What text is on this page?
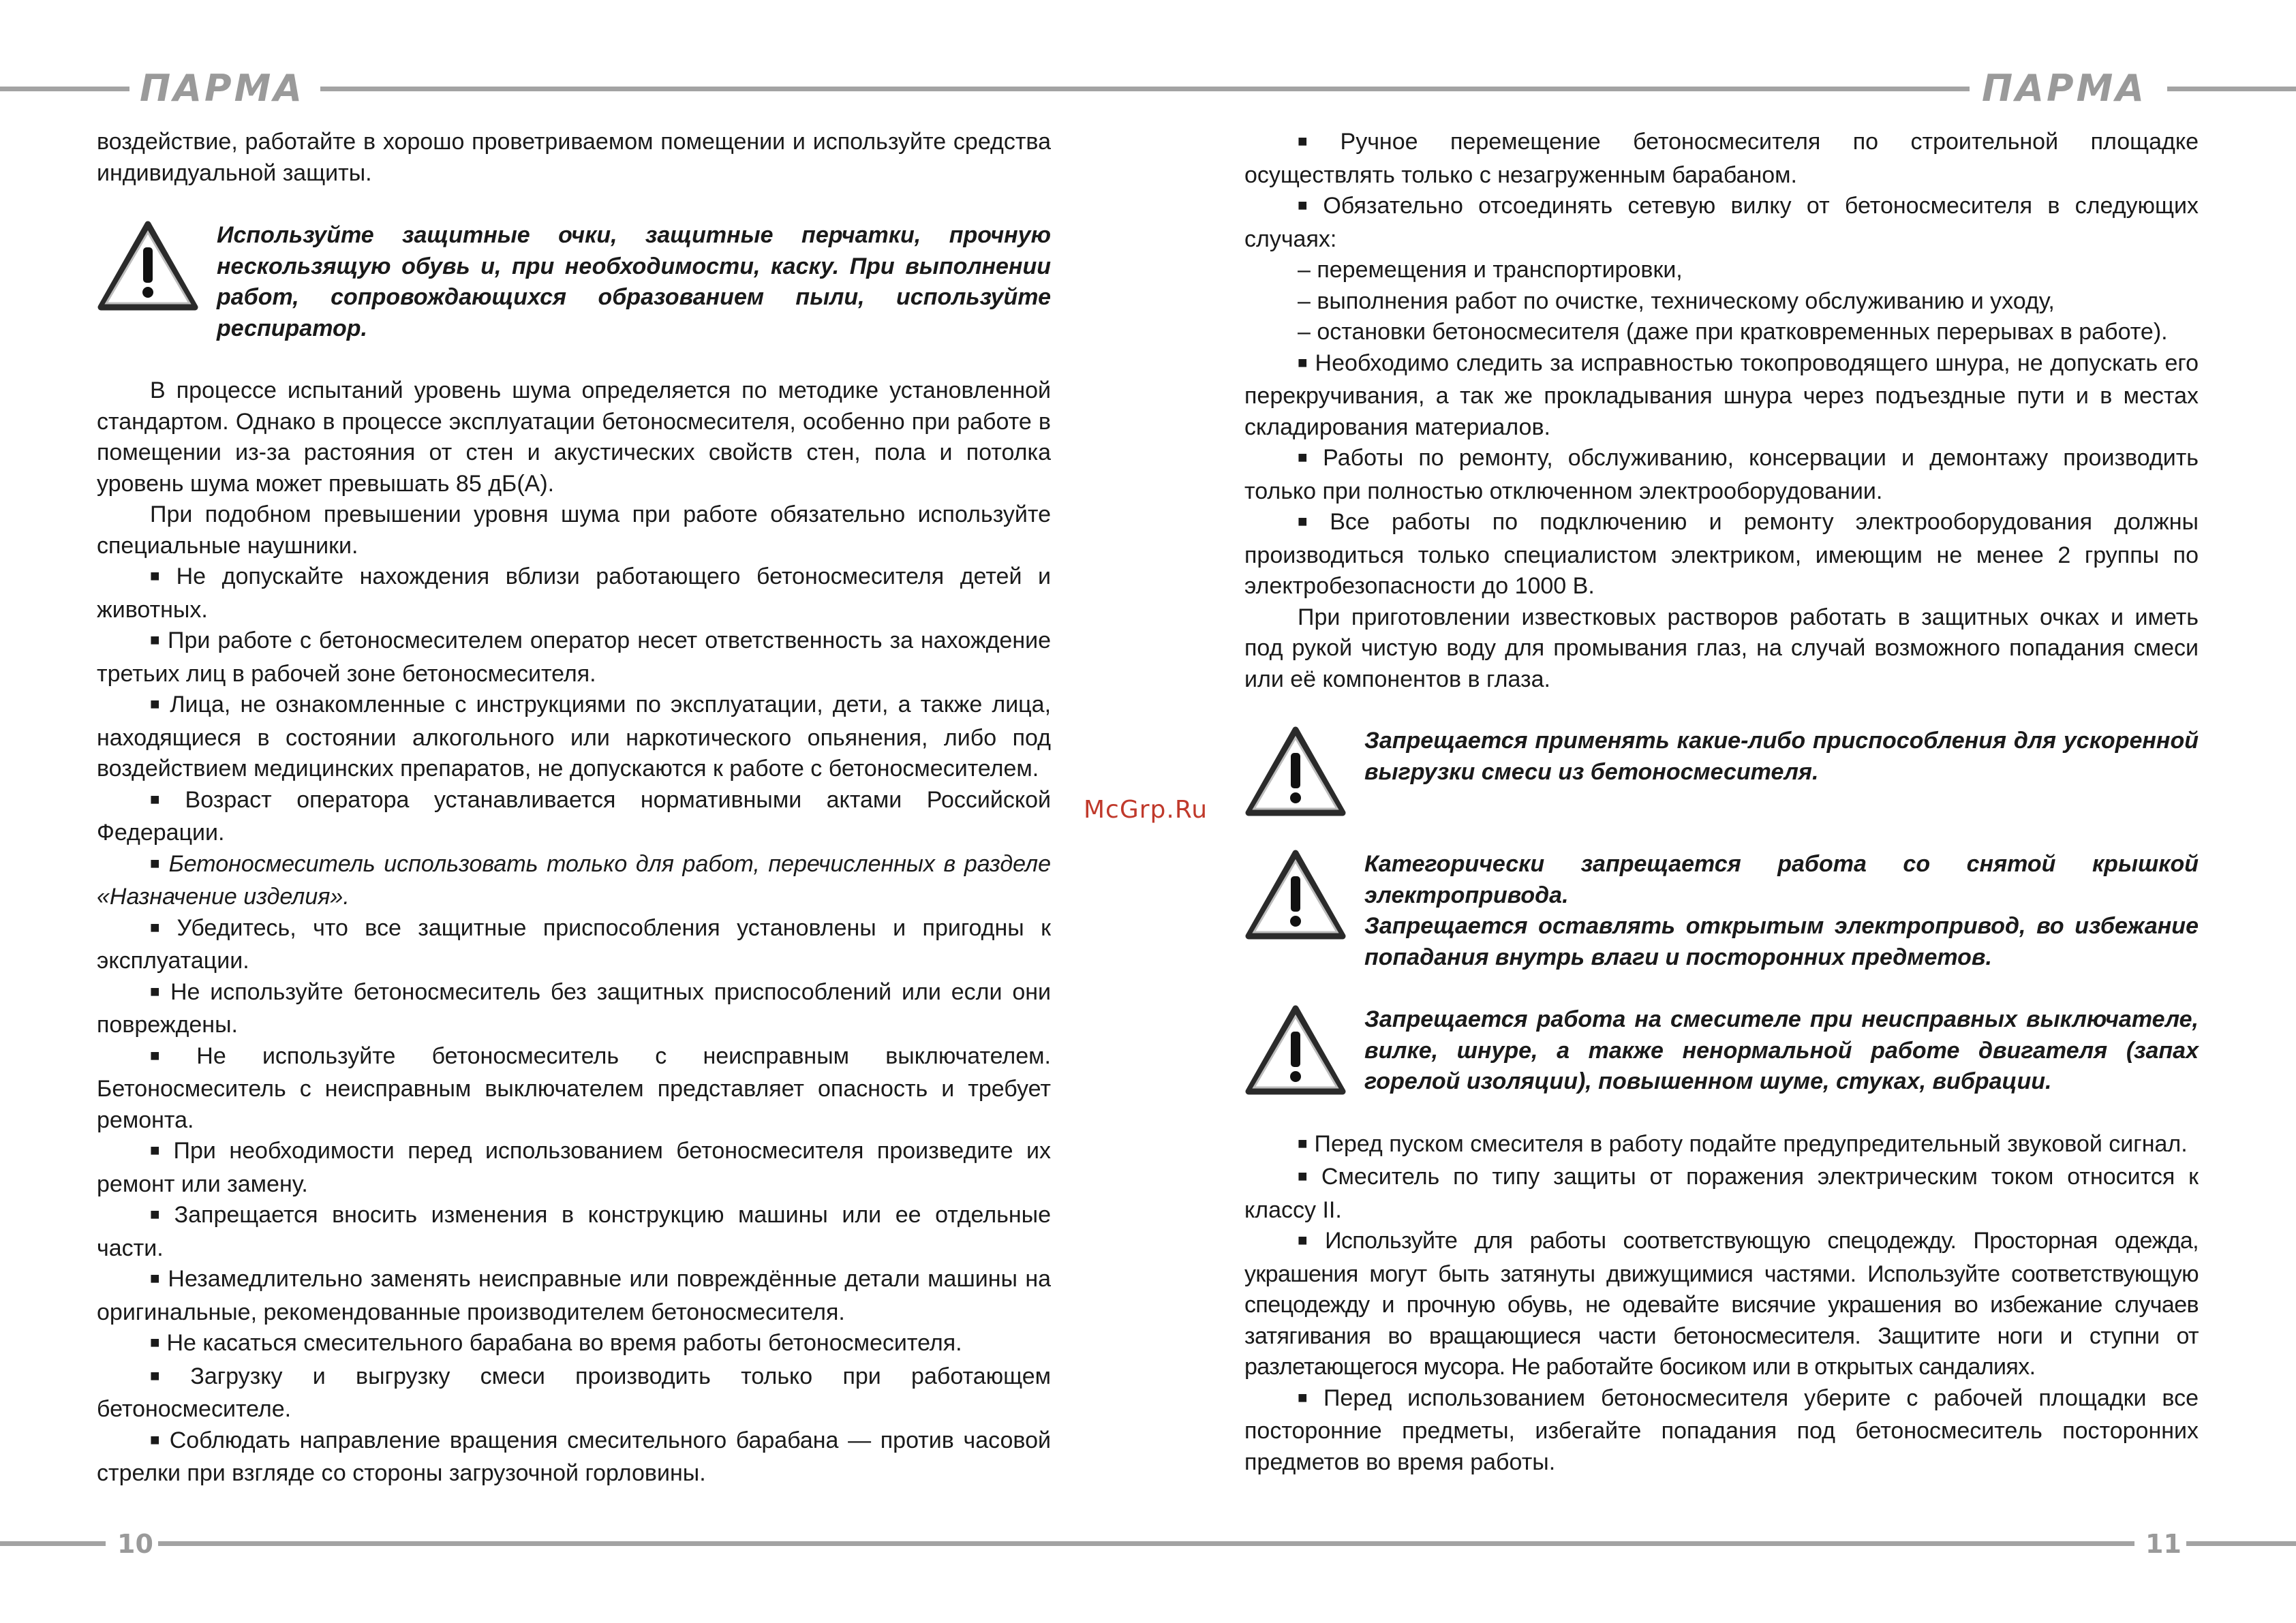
ПАРМА	ПАРМА
10	11
McGrp.Ru

воздействие, работайте в хорошо проветриваемом помещении и используйте средства индивидуальной защиты.

Используйте защитные очки, защитные перчатки, прочную нескользящую обувь и, при необходимости, каску. При выполнении работ, сопровождающихся образованием пыли, используйте респиратор.

В процессе испытаний уровень шума определяется по методике установленной стандартом. Однако в процессе эксплуатации бетоносмесителя, особенно при работе в помещении из-за растояния от стен и акустических свойств стен, пола и потолка уровень шума может превышать 85 дБ(А).

При подобном превышении уровня шума при работе обязательно используйте специальные наушники.

■ Не допускайте нахождения вблизи работающего бетоносмесителя детей и животных.

■ При работе с бетоносмесителем оператор несет ответственность за нахождение третьих лиц в рабочей зоне бетоносмесителя.

■ Лица, не ознакомленные с инструкциями по эксплуатации, дети, а также лица, находящиеся в состоянии алкогольного или наркотического опьянения, либо под воздействием медицинских препаратов, не допускаются к работе с бетоносмесителем.

■ Возраст оператора устанавливается нормативными актами Российской Федерации.

■ Бетоносмеситель использовать только для работ, перечисленных в разделе «Назначение изделия».

■ Убедитесь, что все защитные приспособления установлены и пригодны к эксплуатации.

■ Не используйте бетоносмеситель без защитных приспособлений или если они повреждены.

■ Не используйте бетоносмеситель с неисправным выключателем. Бетоносмеситель с неисправным выключателем представляет опасность и требует ремонта.

■ При необходимости перед использованием бетоносмесителя произведите их ремонт или замену.

■ Запрещается вносить изменения в конструкцию машины или ее отдельные части.

■ Незамедлительно заменять неисправные или повреждённые детали машины на оригинальные, рекомендованные производителем бетоносмесителя.

■ Не касаться смесительного барабана во время работы бетоносмесителя.

■ Загрузку и выгрузку смеси производить только при работающем бетоносмесителе.

■ Соблюдать направление вращения смесительного барабана — против часовой стрелки при взгляде со стороны загрузочной горловины.

■ Ручное перемещение бетоносмесителя по строительной площадке осуществлять только с незагруженным барабаном.

■ Обязательно отсоединять сетевую вилку от бетоносмесителя в следующих случаях:

– перемещения и транспортировки,

– выполнения работ по очистке, техническому обслуживанию и уходу,

– остановки бетоносмесителя (даже при кратковременных перерывах в работе).

■ Необходимо следить за исправностью токопроводящего шнура, не допускать его перекручивания, а так же прокладывания шнура через подъездные пути и в местах складирования материалов.

■ Работы по ремонту, обслуживанию, консервации и демонтажу производить только при полностью отключенном электрооборудовании.

■ Все работы по подключению и ремонту электрооборудования должны производиться только специалистом электриком, имеющим не менее 2 группы по электробезопасности до 1000 В.

При приготовлении известковых растворов работать в защитных очках и иметь под рукой чистую воду для промывания глаз, на случай возможного попадания смеси или её компонентов в глаза.

Запрещается применять какие-либо приспособления для ускоренной выгрузки смеси из бетоносмесителя.

Категорически запрещается работа со снятой крышкой электропривода.

Запрещается оставлять открытым электропривод, во избежание попадания внутрь влаги и посторонних предметов.

Запрещается работа на смесителе при неисправных выключателе, вилке, шнуре, а также ненормальной работе двигателя (запах горелой изоляции), повышенном шуме, стуках, вибрации.

■ Перед пуском смесителя в работу подайте предупредительный звуковой сигнал.

■ Смеситель по типу защиты от поражения электрическим током относится к классу II.

■ Используйте для работы соответствующую спецодежду. Просторная одежда, украшения могут быть затянуты движущимися частями. Используйте соответствующую спецодежду и прочную обувь, не одевайте висячие украшения во избежание случаев затягивания во вращающиеся части бетоносмесителя. Защитите ноги и ступни от разлетающегося мусора. Не работайте босиком или в открытых сандалиях.

■ Перед использованием бетоносмесителя уберите с рабочей площадки все посторонние предметы, избегайте попадания под бетоносмеситель посторонних предметов во время работы.
